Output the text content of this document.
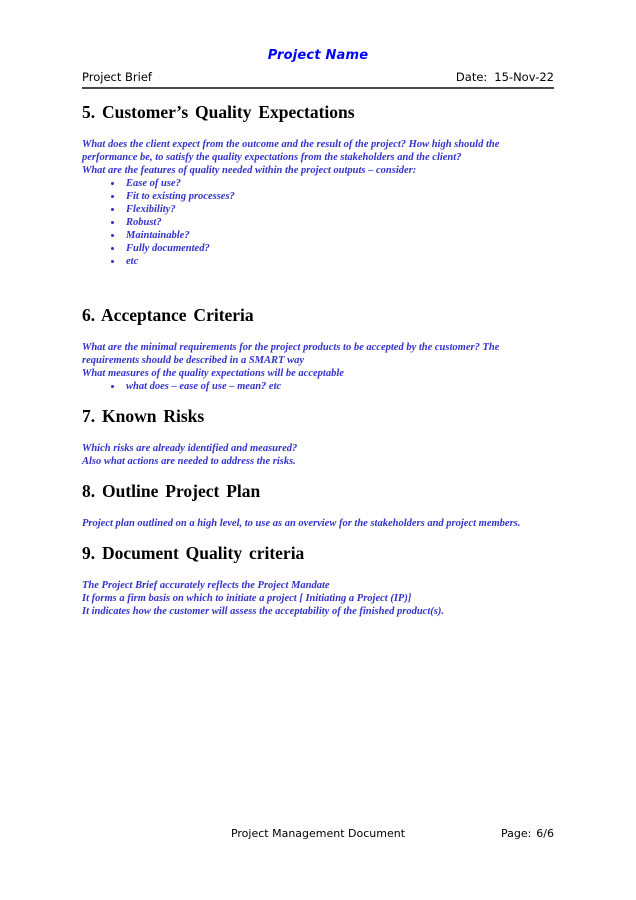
Project Name
Project Brief	Date: 15-Nov-22
5. Customer’s Quality Expectations
What does the client expect from the outcome and the result of the project? How high should the performance be, to satisfy the quality expectations from the stakeholders and the client?
What are the features of quality needed within the project outputs – consider:
• Ease of use?
• Fit to existing processes?
• Flexibility?
• Robust?
• Maintainable?
• Fully documented?
• etc
6. Acceptance Criteria
What are the minimal requirements for the project products to be accepted by the customer? The requirements should be described in a SMART way
What measures of the quality expectations will be acceptable
• what does – ease of use – mean? etc
7. Known Risks
Which risks are already identified and measured?
Also what actions are needed to address the risks.
8. Outline Project Plan
Project plan outlined on a high level, to use as an overview for the stakeholders and project members.
9. Document Quality criteria
The Project Brief accurately reflects the Project Mandate
It forms a firm basis on which to initiate a project [ Initiating a Project (IP)]
It indicates how the customer will assess the acceptability of the finished product(s).
Project Management Document	Page: 6/6
